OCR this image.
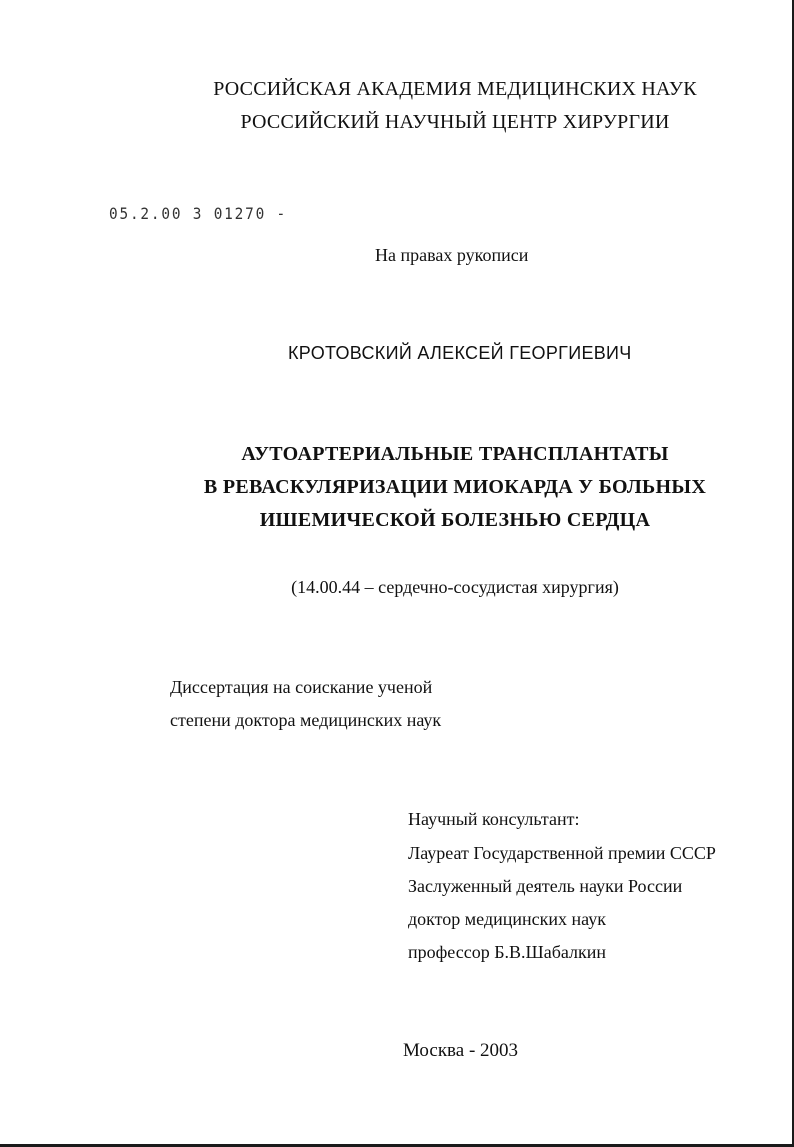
РОССИЙСКАЯ АКАДЕМИЯ МЕДИЦИНСКИХ НАУК
РОССИЙСКИЙ НАУЧНЫЙ ЦЕНТР ХИРУРГИИ
05.2.00 3 01270 -
На правах рукописи
КРОТОВСКИЙ АЛЕКСЕЙ ГЕОРГИЕВИЧ
АУТОАРТЕРИАЛЬНЫЕ ТРАНСПЛАНТАТЫ
В РЕВАСКУЛЯРИЗАЦИИ МИОКАРДА У БОЛЬНЫХ
ИШЕМИЧЕСКОЙ БОЛЕЗНЬЮ СЕРДЦА
(14.00.44 – сердечно-сосудистая хирургия)
Диссертация на соискание ученой
степени доктора медицинских наук
Научный консультант:
Лауреат Государственной премии СССР
Заслуженный деятель науки России
доктор медицинских наук
профессор Б.В.Шабалкин
Москва - 2003
